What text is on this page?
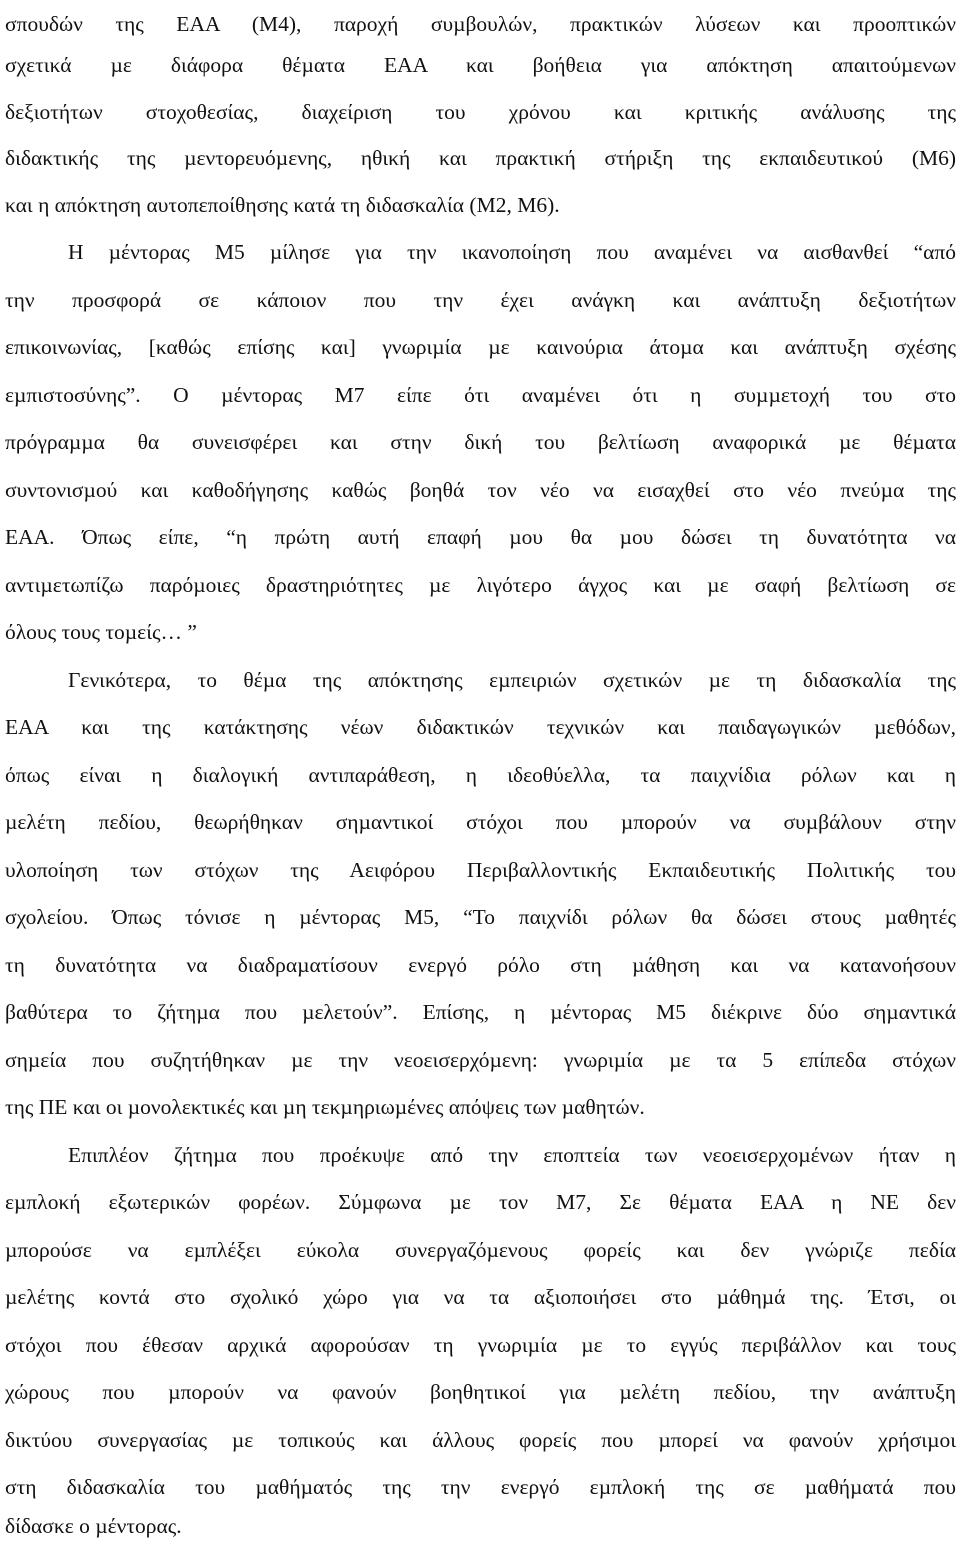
σπουδών της ΕΑΑ (Μ4), παροχή συµβουλών, πρακτικών λύσεων και προοπτικών
σχετικά µε διάφορα θέµατα ΕΑΑ και βοήθεια για απόκτηση απαιτούµενων
δεξιοτήτων στοχοθεσίας, διαχείριση του χρόνου και κριτικής ανάλυσης της
διδακτικής της µεντορευόµενης, ηθική και πρακτική στήριξη της εκπαιδευτικού (Μ6)
και η απόκτηση αυτοπεποίθησης κατά τη διδασκαλία (Μ2, Μ6).
Η µέντορας Μ5 µίλησε για την ικανοποίηση που αναµένει να αισθανθεί “από
την προσφορά σε κάποιον που την έχει ανάγκη και ανάπτυξη δεξιοτήτων
επικοινωνίας, [καθώς επίσης και] γνωριµία µε καινούρια άτοµα και ανάπτυξη σχέσης
εµπιστοσύνης”. Ο µέντορας Μ7 είπε ότι αναµένει ότι η συµµετοχή του στο
πρόγραµµα θα συνεισφέρει και στην δική του βελτίωση αναφορικά µε θέµατα
συντονισµού και καθοδήγησης καθώς βοηθά τον νέο να εισαχθεί στο νέο πνεύµα της
ΕΑΑ. Όπως είπε, “η πρώτη αυτή επαφή µου θα µου δώσει τη δυνατότητα να
αντιµετωπίζω παρόµοιες δραστηριότητες µε λιγότερο άγχος και µε σαφή βελτίωση σε
όλους τους τοµείς… ”
Γενικότερα, το θέµα της απόκτησης εµπειριών σχετικών µε τη διδασκαλία της
ΕΑΑ και της κατάκτησης νέων διδακτικών τεχνικών και παιδαγωγικών µεθόδων,
όπως είναι η διαλογική αντιπαράθεση, η ιδεοθύελλα, τα παιχνίδια ρόλων και η
µελέτη πεδίου, θεωρήθηκαν σηµαντικοί στόχοι που µπορούν να συµβάλουν στην
υλοποίηση των στόχων της Αειφόρου Περιβαλλοντικής Εκπαιδευτικής Πολιτικής του
σχολείου. Όπως τόνισε η µέντορας Μ5, “Το παιχνίδι ρόλων θα δώσει στους µαθητές
τη δυνατότητα να διαδραµατίσουν ενεργό ρόλο στη µάθηση και να κατανοήσουν
βαθύτερα το ζήτηµα που µελετούν”. Επίσης, η µέντορας Μ5 διέκρινε δύο σηµαντικά
σηµεία που συζητήθηκαν µε την νεοεισερχόµενη: γνωριµία µε τα 5 επίπεδα στόχων
της ΠΕ και οι µονολεκτικές και µη τεκµηριωµένες απόψεις των µαθητών.
Επιπλέον ζήτηµα που προέκυψε από την εποπτεία των νεοεισερχοµένων ήταν η
εµπλοκή εξωτερικών φορέων. Σύµφωνα µε τον Μ7, Σε θέµατα ΕΑΑ η ΝΕ δεν
µπορούσε να εµπλέξει εύκολα συνεργαζόµενους φορείς και δεν γνώριζε πεδία
µελέτης κοντά στο σχολικό χώρο για να τα αξιοποιήσει στο µάθηµά της. Έτσι, οι
στόχοι που έθεσαν αρχικά αφορούσαν τη γνωριµία µε το εγγύς περιβάλλον και τους
χώρους που µπορούν να φανούν βοηθητικοί για µελέτη πεδίου, την ανάπτυξη
δικτύου συνεργασίας µε τοπικούς και άλλους φορείς που µπορεί να φανούν χρήσιµοι
στη διδασκαλία του µαθήµατός της την ενεργό εµπλοκή της σε µαθήµατά που
δίδασκε ο µέντορας.
